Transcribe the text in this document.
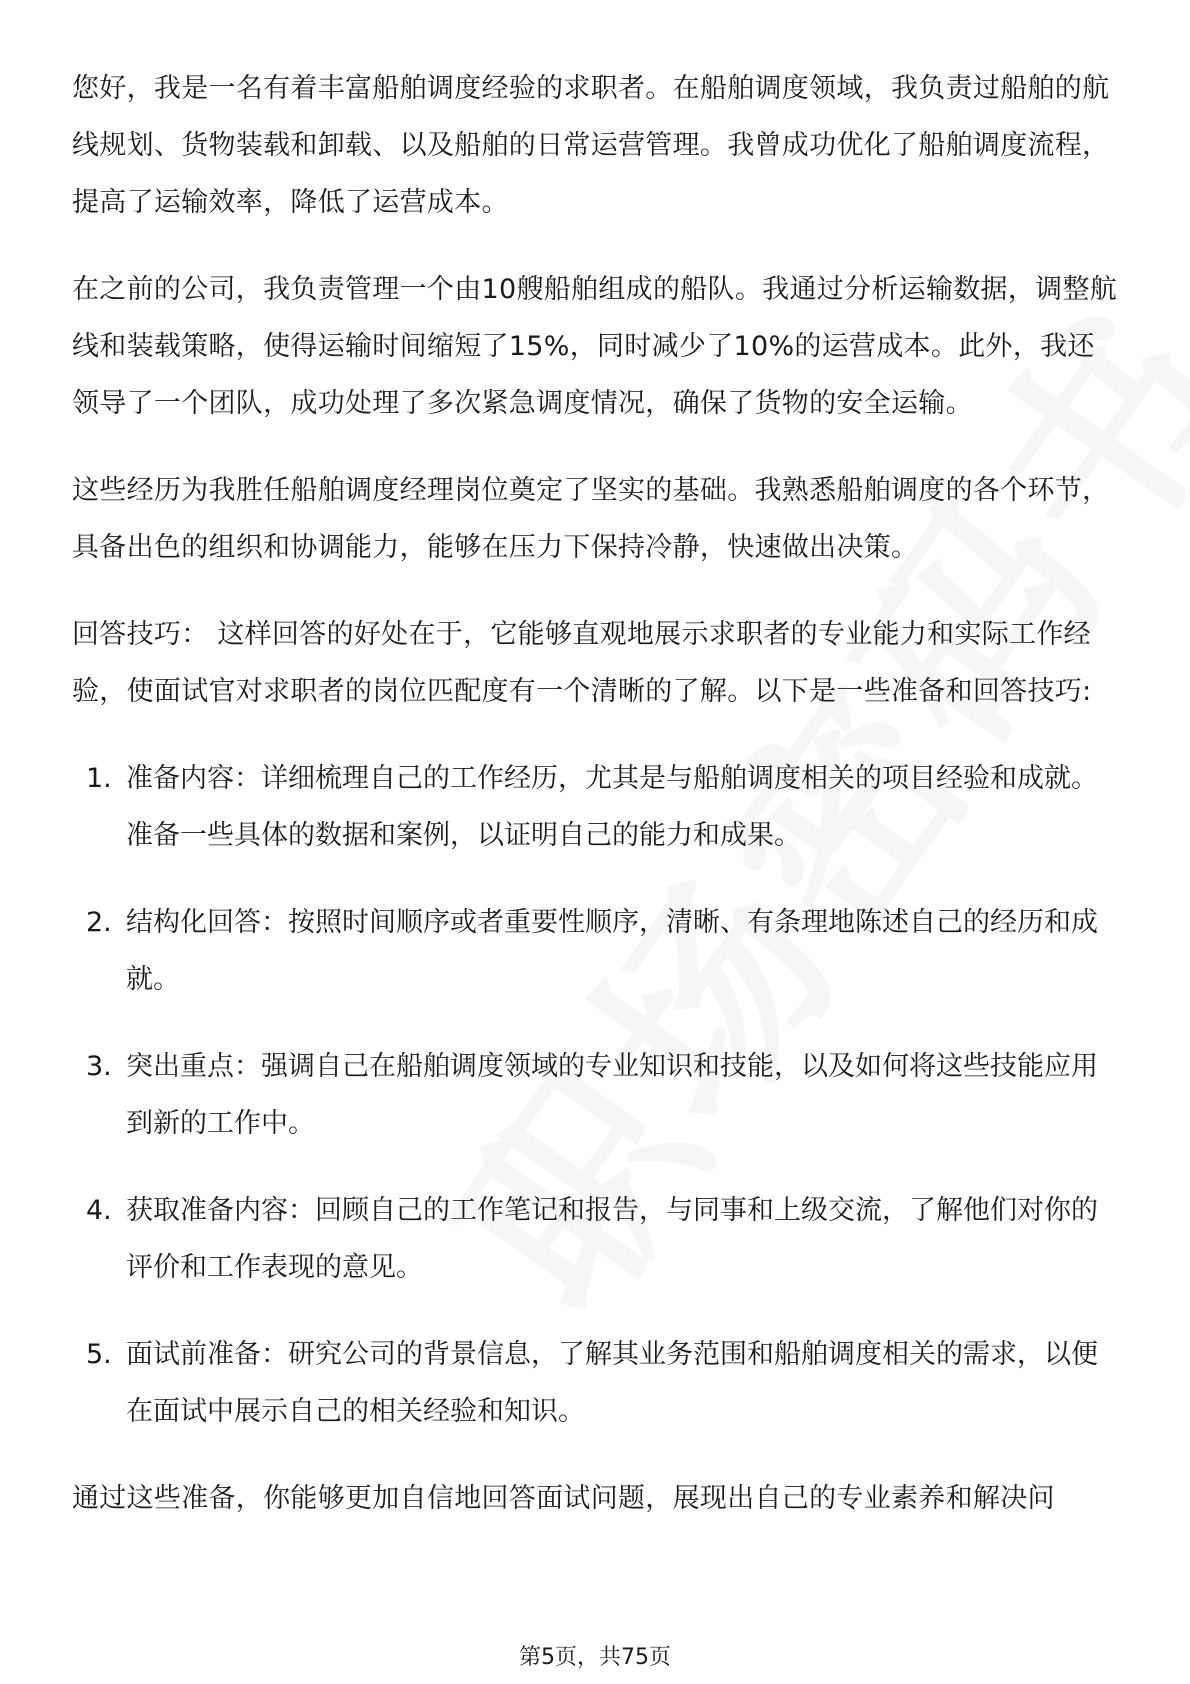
您好，我是一名有着丰富船舶调度经验的求职者。在船舶调度领域，我负责过船舶的航线规划、货物装载和卸载、以及船舶的日常运营管理。我曾成功优化了船舶调度流程，提高了运输效率，降低了运营成本。

在之前的公司，我负责管理一个由10艘船舶组成的船队。我通过分析运输数据，调整航线和装载策略，使得运输时间缩短了15%，同时减少了10%的运营成本。此外，我还领导了一个团队，成功处理了多次紧急调度情况，确保了货物的安全运输。

这些经历为我胜任船舶调度经理岗位奠定了坚实的基础。我熟悉船舶调度的各个环节，具备出色的组织和协调能力，能够在压力下保持冷静，快速做出决策。

回答技巧： 这样回答的好处在于，它能够直观地展示求职者的专业能力和实际工作经验，使面试官对求职者的岗位匹配度有一个清晰的了解。以下是一些准备和回答技巧:

1. 准备内容：详细梳理自己的工作经历，尤其是与船舶调度相关的项目经验和成就。准备一些具体的数据和案例，以证明自己的能力和成果。
2. 结构化回答：按照时间顺序或者重要性顺序，清晰、有条理地陈述自己的经历和成就。
3. 突出重点：强调自己在船舶调度领域的专业知识和技能，以及如何将这些技能应用到新的工作中。
4. 获取准备内容：回顾自己的工作笔记和报告，与同事和上级交流，了解他们对你的评价和工作表现的意见。
5. 面试前准备：研究公司的背景信息，了解其业务范围和船舶调度相关的需求，以便在面试中展示自己的相关经验和知识。

通过这些准备，你能够更加自信地回答面试问题，展现出自己的专业素养和解决问

第5页，共75页
